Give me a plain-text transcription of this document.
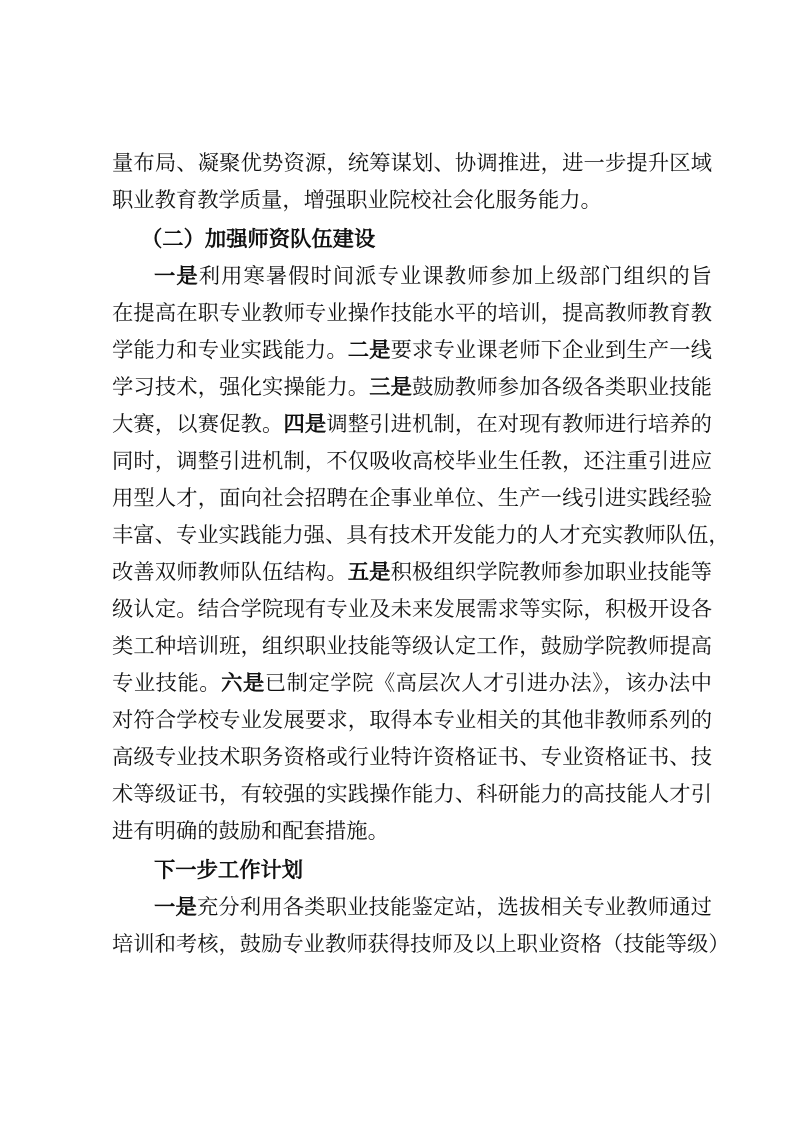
量布局、凝聚优势资源，统筹谋划、协调推进，进一步提升区域
职业教育教学质量，增强职业院校社会化服务能力。
（二）加强师资队伍建设
一是利用寒暑假时间派专业课教师参加上级部门组织的旨
在提高在职专业教师专业操作技能水平的培训，提高教师教育教
学能力和专业实践能力。二是要求专业课老师下企业到生产一线
学习技术，强化实操能力。三是鼓励教师参加各级各类职业技能
大赛，以赛促教。四是调整引进机制，在对现有教师进行培养的
同时，调整引进机制，不仅吸收高校毕业生任教，还注重引进应
用型人才，面向社会招聘在企事业单位、生产一线引进实践经验
丰富、专业实践能力强、具有技术开发能力的人才充实教师队伍，
改善双师教师队伍结构。五是积极组织学院教师参加职业技能等
级认定。结合学院现有专业及未来发展需求等实际，积极开设各
类工种培训班，组织职业技能等级认定工作，鼓励学院教师提高
专业技能。六是已制定学院《高层次人才引进办法》，该办法中
对符合学校专业发展要求，取得本专业相关的其他非教师系列的
高级专业技术职务资格或行业特许资格证书、专业资格证书、技
术等级证书，有较强的实践操作能力、科研能力的高技能人才引
进有明确的鼓励和配套措施。
下一步工作计划
一是充分利用各类职业技能鉴定站，选拔相关专业教师通过
培训和考核，鼓励专业教师获得技师及以上职业资格（技能等级）
